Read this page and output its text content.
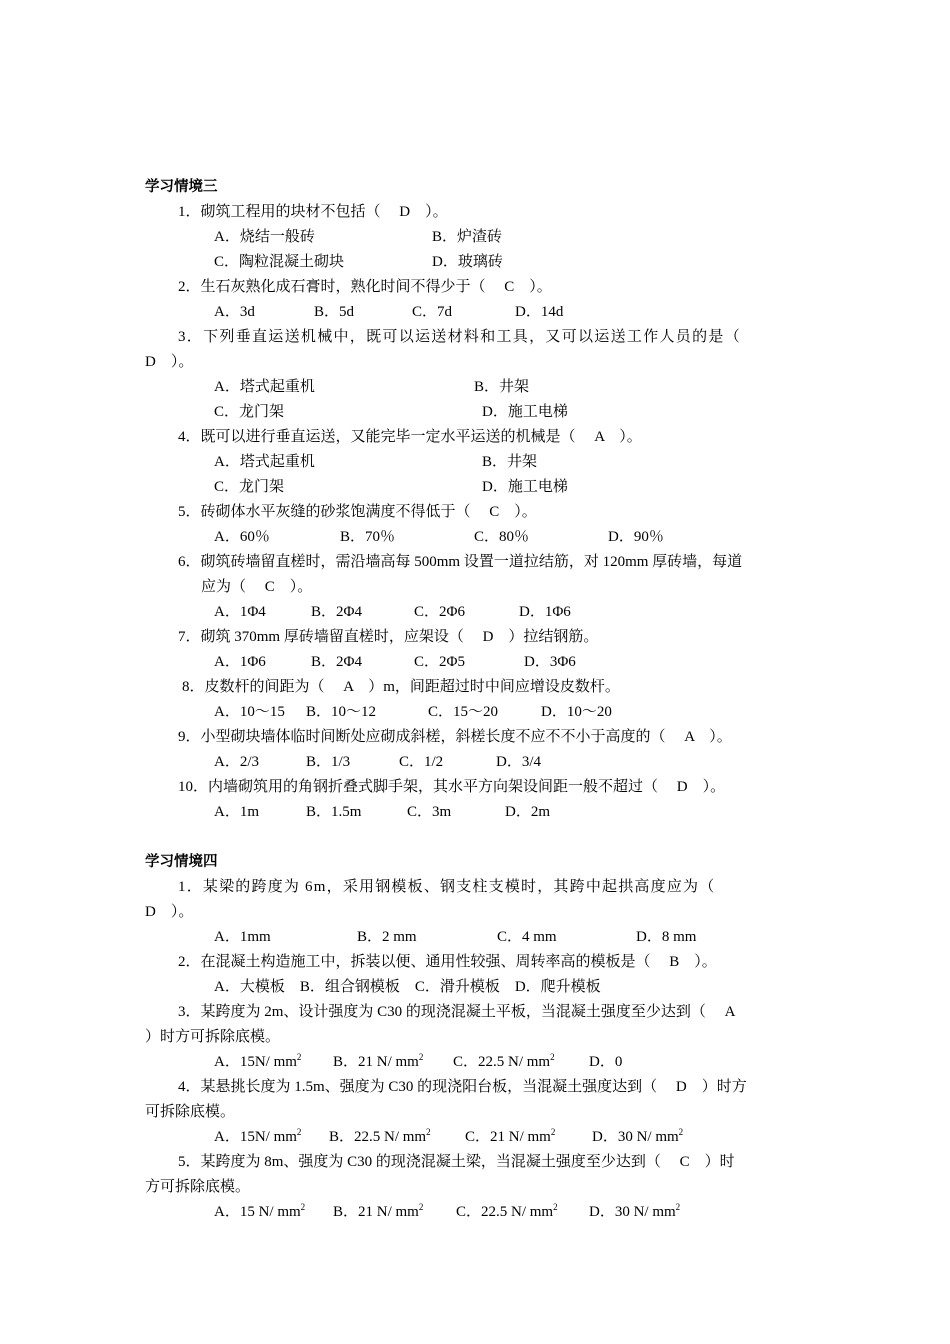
学习情境三
1．砌筑工程用的块材不包括（　 D　）。
A．烧结一般砖	B．炉渣砖
C．陶粒混凝土砌块	D．玻璃砖
2．生石灰熟化成石膏时，熟化时间不得少于（　 C　）。
A．3d	B．5d	C．7d	D．14d
3．下列垂直运送机械中，既可以运送材料和工具，又可以运送工作人员的是（
D　）。
A．塔式起重机	B．井架
C．龙门架	D．施工电梯
4．既可以进行垂直运送，又能完毕一定水平运送的机械是（　 A　）。
A．塔式起重机	B．井架
C．龙门架	D．施工电梯
5．砖砌体水平灰缝的砂浆饱满度不得低于（　 C　）。
A．60％	B．70％	C．80％	D．90％
6．砌筑砖墙留直槎时，需沿墙高每 500mm 设置一道拉结筋，对 120mm 厚砖墙，每道
应为（　 C　）。
A．1Φ4	B．2Φ4	C．2Φ6	D．1Φ6
7．砌筑 370mm 厚砖墙留直槎时，应架设（　 D　）拉结钢筋。
A．1Φ6	B．2Φ4	C．2Φ5	D．3Φ6
8．皮数杆的间距为（　 A　）m，间距超过时中间应增设皮数杆。
A．10～15 B．10～12	C．15～20	D．10～20
9．小型砌块墙体临时间断处应砌成斜槎，斜槎长度不应不不小于高度的（　 A　）。
A．2/3	B．1/3	C．1/2	D．3/4
10．内墙砌筑用的角钢折叠式脚手架，其水平方向架设间距一般不超过（　 D　）。
A．1m	B．1.5m	C．3m	D．2m
学习情境四
1．某梁的跨度为 6m，采用钢模板、钢支柱支模时，其跨中起拱高度应为（
D　）。
A．1mm	B．2 mm	C．4 mm	D．8 mm
2．在混凝土构造施工中，拆装以便、通用性较强、周转率高的模板是（　 B　）。
A．大模板　B．组合钢模板　C．滑升模板　D．爬升模板
3．某跨度为 2m、设计强度为 C30 的现浇混凝土平板，当混凝土强度至少达到（　 A
）时方可拆除底模。
A．15N/ $mm^2$ B．21 N/ $mm^2$ C．22.5 N/ $mm^2$ D．0
4．某悬挑长度为 1.5m、强度为 C30 的现浇阳台板，当混凝土强度达到（　 D　）时方
可拆除底模。
A．15N/ $mm^2$ B．22.5 N/ $mm^2$ C．21 N/ $mm^2$ D．30 N/ $mm^2$
5．某跨度为 8m、强度为 C30 的现浇混凝土梁，当混凝土强度至少达到（　 C　）时
方可拆除底模。
A．15 N/ $mm^2$ B．21 N/ $mm^2$ C．22.5 N/ $mm^2$ D．30 N/ $mm^2$
